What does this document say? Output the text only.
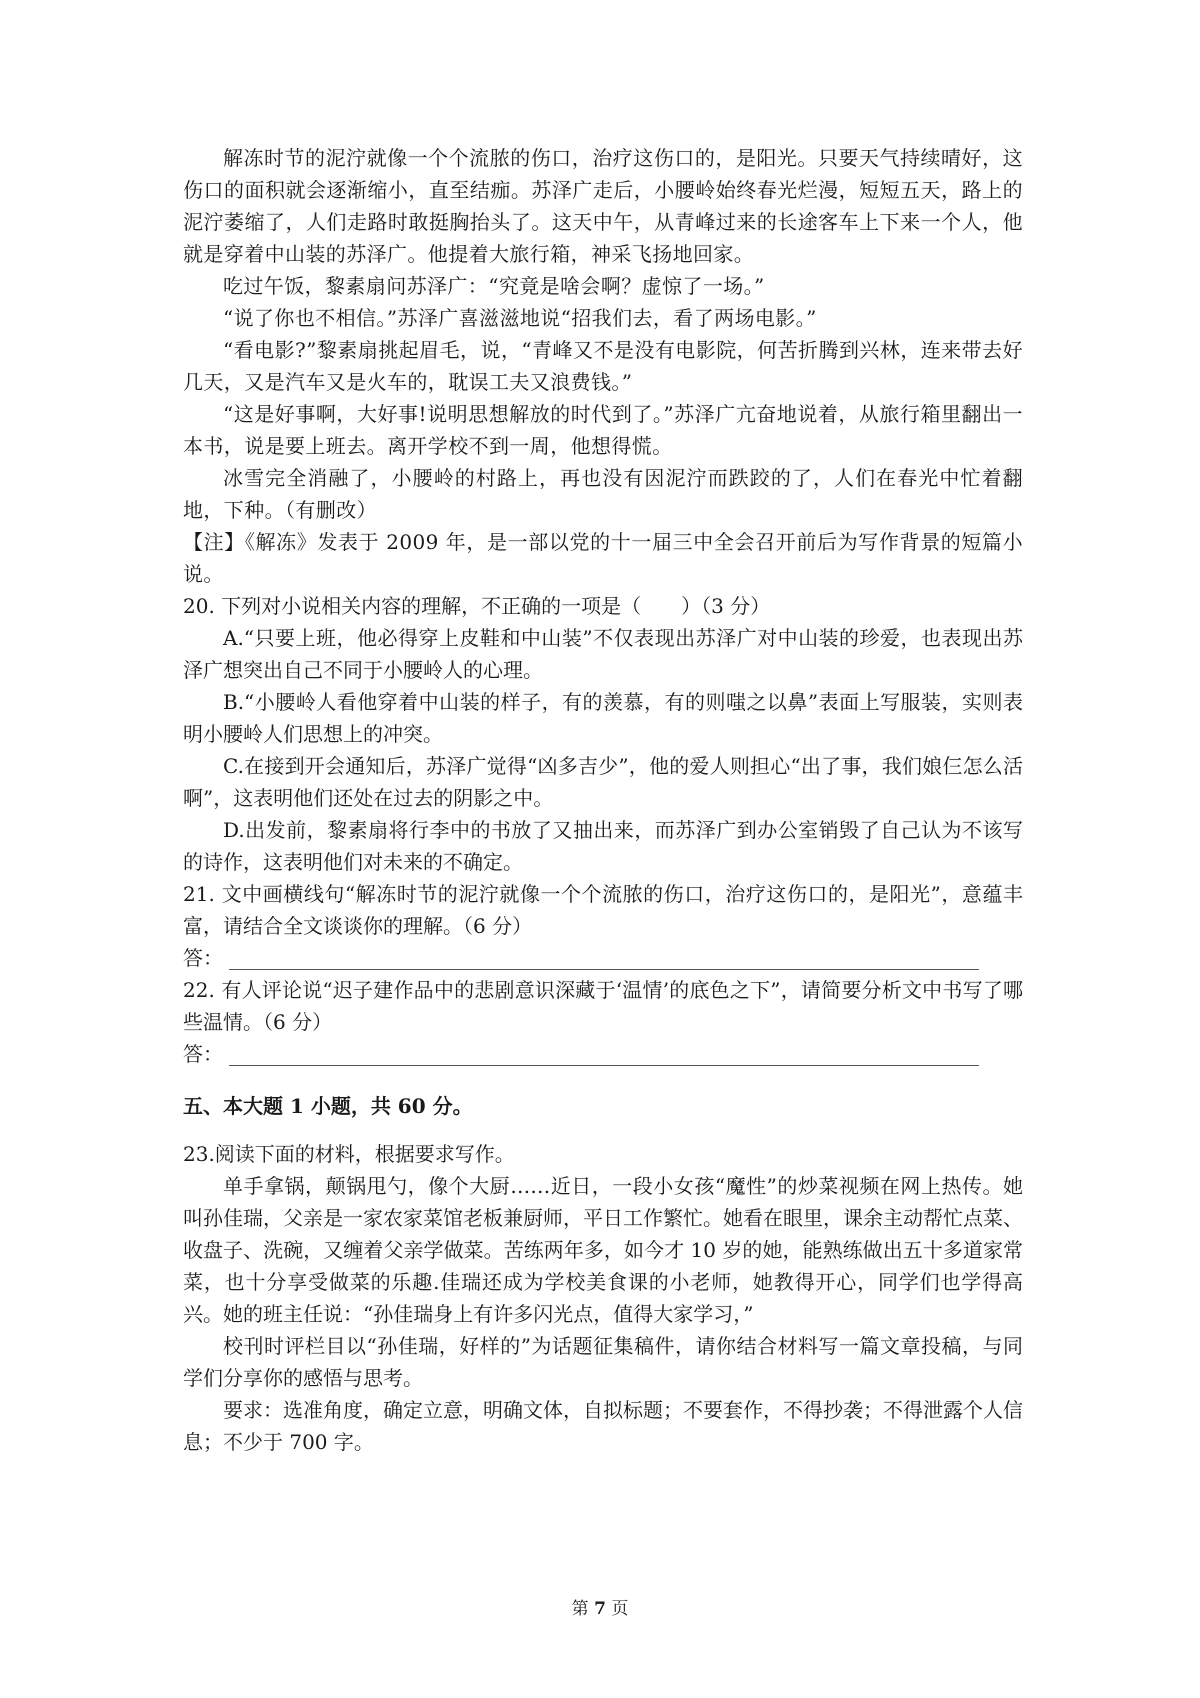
解冻时节的泥泞就像一个个流脓的伤口，治疗这伤口的，是阳光。只要天气持续晴好，这伤口的面积就会逐渐缩小，直至结痂。苏泽广走后，小腰岭始终春光烂漫，短短五天，路上的泥泞萎缩了，人们走路时敢挺胸抬头了。这天中午，从青峰过来的长途客车上下来一个人，他就是穿着中山装的苏泽广。他提着大旅行箱，神采飞扬地回家。

吃过午饭，黎素扇问苏泽广：“究竟是啥会啊？虚惊了一场。”

“说了你也不相信。”苏泽广喜滋滋地说“招我们去，看了两场电影。”

“看电影?”黎素扇挑起眉毛，说，“青峰又不是没有电影院，何苦折腾到兴林，连来带去好几天，又是汽车又是火车的，耽误工夫又浪费钱。”

“这是好事啊，大好事!说明思想解放的时代到了。”苏泽广亢奋地说着，从旅行箱里翻出一本书，说是要上班去。离开学校不到一周，他想得慌。

冰雪完全消融了，小腰岭的村路上，再也没有因泥泞而跌跤的了，人们在春光中忙着翻地，下种。（有删改）

【注】《解冻》发表于 2009 年，是一部以党的十一届三中全会召开前后为写作背景的短篇小说。

20. 下列对小说相关内容的理解，不正确的一项是（　　）（3 分）

A.“只要上班，他必得穿上皮鞋和中山装”不仅表现出苏泽广对中山装的珍爱，也表现出苏泽广想突出自己不同于小腰岭人的心理。

B.“小腰岭人看他穿着中山装的样子，有的羡慕，有的则嗤之以鼻”表面上写服装，实则表明小腰岭人们思想上的冲突。

C.在接到开会通知后，苏泽广觉得“凶多吉少”，他的爱人则担心“出了事，我们娘仨怎么活啊”，这表明他们还处在过去的阴影之中。

D.出发前，黎素扇将行李中的书放了又抽出来，而苏泽广到办公室销毁了自己认为不该写的诗作，这表明他们对未来的不确定。

21. 文中画横线句“解冻时节的泥泞就像一个个流脓的伤口，治疗这伤口的，是阳光”，意蕴丰富，请结合全文谈谈你的理解。（6 分）

答：

22. 有人评论说“迟子建作品中的悲剧意识深藏于‘温情’的底色之下”，请简要分析文中书写了哪些温情。（6 分）

答：

五、本大题 1 小题，共 60 分。

23.阅读下面的材料，根据要求写作。

单手拿锅，颠锅甩勺，像个大厨……近日，一段小女孩“魔性”的炒菜视频在网上热传。她叫孙佳瑞，父亲是一家农家菜馆老板兼厨师，平日工作繁忙。她看在眼里，课余主动帮忙点菜、收盘子、洗碗，又缠着父亲学做菜。苦练两年多，如今才 10 岁的她，能熟练做出五十多道家常菜，也十分享受做菜的乐趣.佳瑞还成为学校美食课的小老师，她教得开心，同学们也学得高兴。她的班主任说：“孙佳瑞身上有许多闪光点，值得大家学习，”

校刊时评栏目以“孙佳瑞，好样的”为话题征集稿件，请你结合材料写一篇文章投稿，与同学们分享你的感悟与思考。

要求：选准角度，确定立意，明确文体，自拟标题；不要套作，不得抄袭；不得泄露个人信息；不少于 700 字。

第 7 页
